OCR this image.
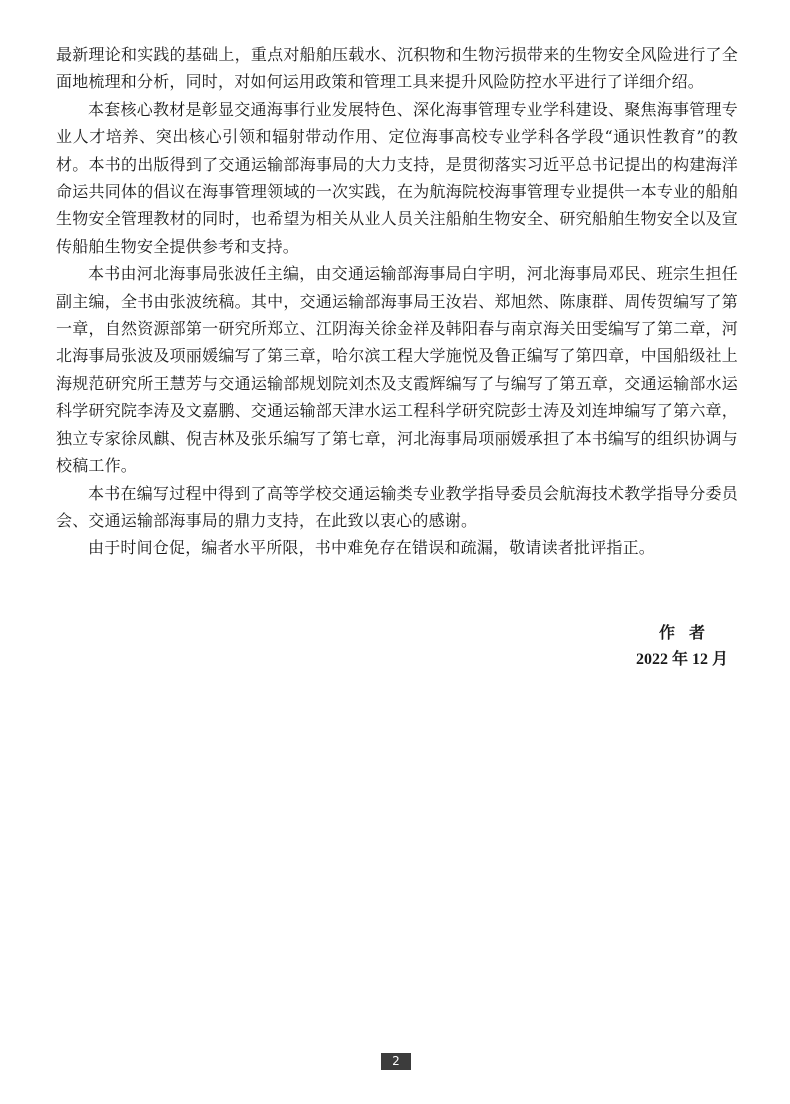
最新理论和实践的基础上，重点对船舶压载水、沉积物和生物污损带来的生物安全风险进行了全面地梳理和分析，同时，对如何运用政策和管理工具来提升风险防控水平进行了详细介绍。

本套核心教材是彰显交通海事行业发展特色、深化海事管理专业学科建设、聚焦海事管理专业人才培养、突出核心引领和辐射带动作用、定位海事高校专业学科各学段“通识性教育”的教材。本书的出版得到了交通运输部海事局的大力支持，是贯彻落实习近平总书记提出的构建海洋命运共同体的倡议在海事管理领域的一次实践，在为航海院校海事管理专业提供一本专业的船舶生物安全管理教材的同时，也希望为相关从业人员关注船舶生物安全、研究船舶生物安全以及宣传船舶生物安全提供参考和支持。

本书由河北海事局张波任主编，由交通运输部海事局白宇明，河北海事局邓民、班宗生担任副主编，全书由张波统稿。其中，交通运输部海事局王汝岩、郑旭然、陈康群、周传贺编写了第一章，自然资源部第一研究所郑立、江阴海关徐金祥及韩阳春与南京海关田雯编写了第二章，河北海事局张波及项丽媛编写了第三章，哈尔滨工程大学施悦及鲁正编写了第四章，中国船级社上海规范研究所王慧芳与交通运输部规划院刘杰及支霞辉编写了与编写了第五章，交通运输部水运科学研究院李涛及文嘉鹏、交通运输部天津水运工程科学研究院彭士涛及刘连坤编写了第六章，独立专家徐凤麒、倪吉林及张乐编写了第七章，河北海事局项丽媛承担了本书编写的组织协调与校稿工作。

本书在编写过程中得到了高等学校交通运输类专业教学指导委员会航海技术教学指导分委员会、交通运输部海事局的鼎力支持，在此致以衷心的感谢。

由于时间仓促，编者水平所限，书中难免存在错误和疏漏，敬请读者批评指正。

作者
2022 年 12 月
2
